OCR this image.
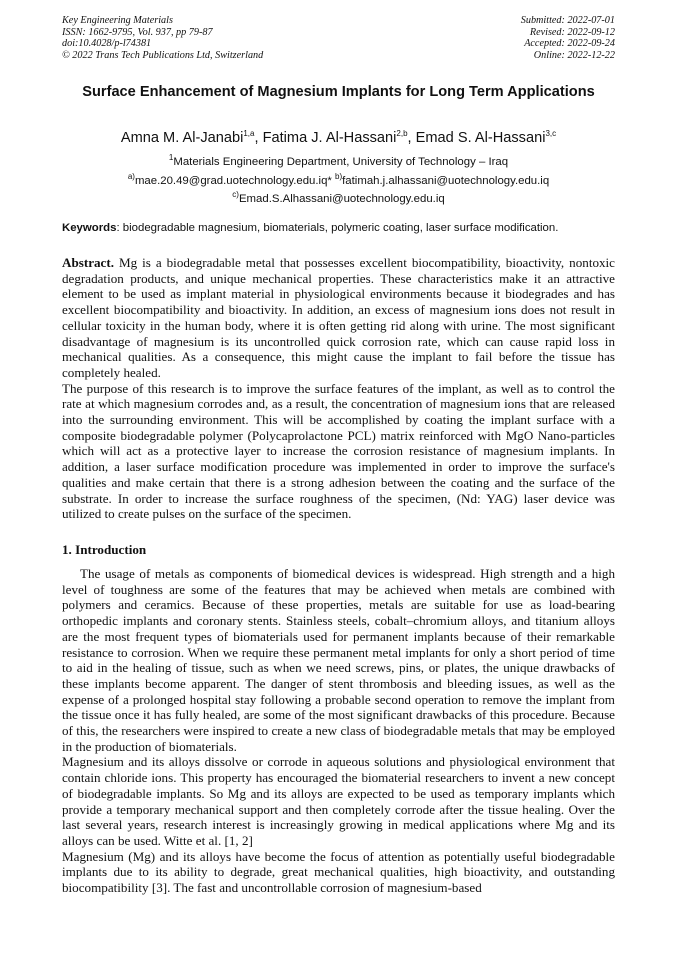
Key Engineering Materials
ISSN: 1662-9795, Vol. 937, pp 79-87
doi:10.4028/p-l74381
© 2022 Trans Tech Publications Ltd, Switzerland
Submitted: 2022-07-01
Revised: 2022-09-12
Accepted: 2022-09-24
Online: 2022-12-22
Surface Enhancement of Magnesium Implants for Long Term Applications
Amna M. Al-Janabi$^{1,a}$, Fatima J. Al-Hassani$^{2,b}$, Emad S. Al-Hassani$^{3,c}$
$^1$Materials Engineering Department, University of Technology – Iraq
$^{a)}$mae.20.49@grad.uotechnology.edu.iq* $^{b)}$fatimah.j.alhassani@uotechnology.edu.iq
$^{c)}$Emad.S.Alhassani@uotechnology.edu.iq
Keywords: biodegradable magnesium, biomaterials, polymeric coating, laser surface modification.

Abstract. Mg is a biodegradable metal that possesses excellent biocompatibility, bioactivity, nontoxic degradation products, and unique mechanical properties. These characteristics make it an attractive element to be used as implant material in physiological environments because it biodegrades and has excellent biocompatibility and bioactivity. In addition, an excess of magnesium ions does not result in cellular toxicity in the human body, where it is often getting rid along with urine. The most significant disadvantage of magnesium is its uncontrolled quick corrosion rate, which can cause rapid loss in mechanical qualities. As a consequence, this might cause the implant to fail before the tissue has completely healed.

The purpose of this research is to improve the surface features of the implant, as well as to control the rate at which magnesium corrodes and, as a result, the concentration of magnesium ions that are released into the surrounding environment. This will be accomplished by coating the implant surface with a composite biodegradable polymer (Polycaprolactone PCL) matrix reinforced with MgO Nano-particles which will act as a protective layer to increase the corrosion resistance of magnesium implants. In addition, a laser surface modification procedure was implemented in order to improve the surface's qualities and make certain that there is a strong adhesion between the coating and the surface of the substrate. In order to increase the surface roughness of the specimen, (Nd: YAG) laser device was utilized to create pulses on the surface of the specimen.

1. Introduction

The usage of metals as components of biomedical devices is widespread. High strength and a high level of toughness are some of the features that may be achieved when metals are combined with polymers and ceramics. Because of these properties, metals are suitable for use as load-bearing orthopedic implants and coronary stents. Stainless steels, cobalt–chromium alloys, and titanium alloys are the most frequent types of biomaterials used for permanent implants because of their remarkable resistance to corrosion. When we require these permanent metal implants for only a short period of time to aid in the healing of tissue, such as when we need screws, pins, or plates, the unique drawbacks of these implants become apparent. The danger of stent thrombosis and bleeding issues, as well as the expense of a prolonged hospital stay following a probable second operation to remove the implant from the tissue once it has fully healed, are some of the most significant drawbacks of this procedure. Because of this, the researchers were inspired to create a new class of biodegradable metals that may be employed in the production of biomaterials.

Magnesium and its alloys dissolve or corrode in aqueous solutions and physiological environment that contain chloride ions. This property has encouraged the biomaterial researchers to invent a new concept of biodegradable implants. So Mg and its alloys are expected to be used as temporary implants which provide a temporary mechanical support and then completely corrode after the tissue healing. Over the last several years, research interest is increasingly growing in medical applications where Mg and its alloys can be used. Witte et al. [1, 2]

Magnesium (Mg) and its alloys have become the focus of attention as potentially useful biodegradable implants due to its ability to degrade, great mechanical qualities, high bioactivity, and outstanding biocompatibility [3]. The fast and uncontrollable corrosion of magnesium-based
